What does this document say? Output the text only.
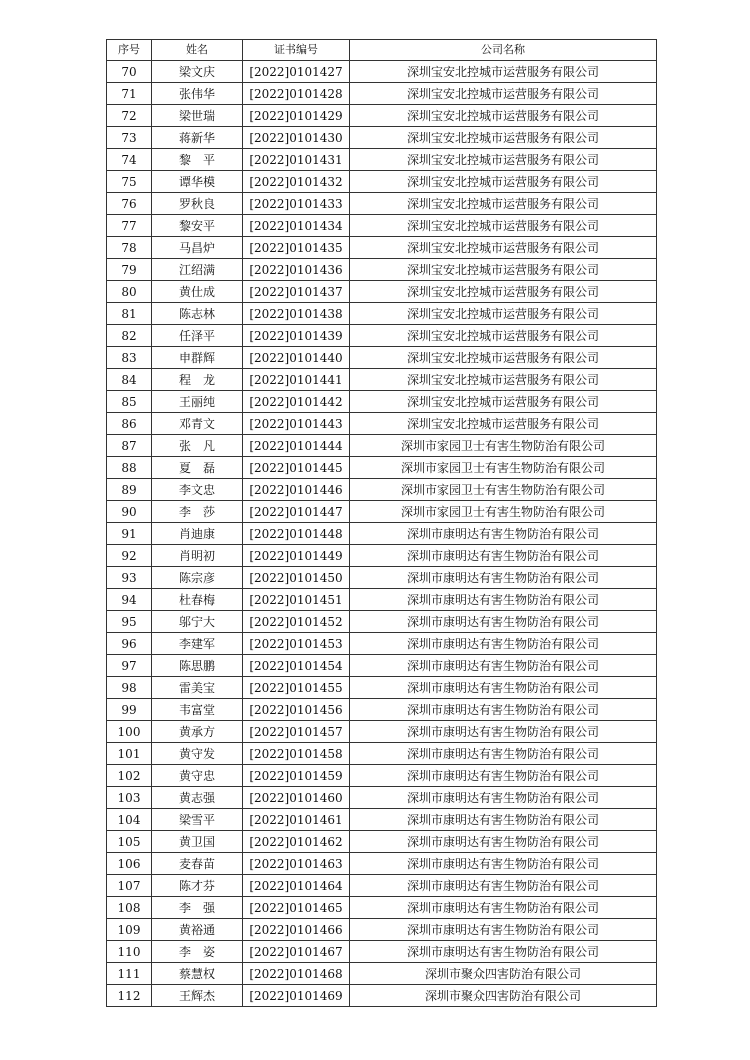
序号	姓名	证书编号	公司名称
70	梁文庆	[2022]0101427	深圳宝安北控城市运营服务有限公司
71	张伟华	[2022]0101428	深圳宝安北控城市运营服务有限公司
72	梁世瑞	[2022]0101429	深圳宝安北控城市运营服务有限公司
73	蒋新华	[2022]0101430	深圳宝安北控城市运营服务有限公司
74	黎　平	[2022]0101431	深圳宝安北控城市运营服务有限公司
75	谭华模	[2022]0101432	深圳宝安北控城市运营服务有限公司
76	罗秋良	[2022]0101433	深圳宝安北控城市运营服务有限公司
77	黎安平	[2022]0101434	深圳宝安北控城市运营服务有限公司
78	马昌炉	[2022]0101435	深圳宝安北控城市运营服务有限公司
79	江绍满	[2022]0101436	深圳宝安北控城市运营服务有限公司
80	黄仕成	[2022]0101437	深圳宝安北控城市运营服务有限公司
81	陈志林	[2022]0101438	深圳宝安北控城市运营服务有限公司
82	任泽平	[2022]0101439	深圳宝安北控城市运营服务有限公司
83	申群辉	[2022]0101440	深圳宝安北控城市运营服务有限公司
84	程　龙	[2022]0101441	深圳宝安北控城市运营服务有限公司
85	王丽纯	[2022]0101442	深圳宝安北控城市运营服务有限公司
86	邓青文	[2022]0101443	深圳宝安北控城市运营服务有限公司
87	张　凡	[2022]0101444	深圳市家园卫士有害生物防治有限公司
88	夏　磊	[2022]0101445	深圳市家园卫士有害生物防治有限公司
89	李文忠	[2022]0101446	深圳市家园卫士有害生物防治有限公司
90	李　莎	[2022]0101447	深圳市家园卫士有害生物防治有限公司
91	肖迪康	[2022]0101448	深圳市康明达有害生物防治有限公司
92	肖明初	[2022]0101449	深圳市康明达有害生物防治有限公司
93	陈宗彦	[2022]0101450	深圳市康明达有害生物防治有限公司
94	杜春梅	[2022]0101451	深圳市康明达有害生物防治有限公司
95	邬宁大	[2022]0101452	深圳市康明达有害生物防治有限公司
96	李建军	[2022]0101453	深圳市康明达有害生物防治有限公司
97	陈思鹏	[2022]0101454	深圳市康明达有害生物防治有限公司
98	雷美宝	[2022]0101455	深圳市康明达有害生物防治有限公司
99	韦富堂	[2022]0101456	深圳市康明达有害生物防治有限公司
100	黄承方	[2022]0101457	深圳市康明达有害生物防治有限公司
101	黄守发	[2022]0101458	深圳市康明达有害生物防治有限公司
102	黄守忠	[2022]0101459	深圳市康明达有害生物防治有限公司
103	黄志强	[2022]0101460	深圳市康明达有害生物防治有限公司
104	梁雪平	[2022]0101461	深圳市康明达有害生物防治有限公司
105	黄卫国	[2022]0101462	深圳市康明达有害生物防治有限公司
106	麦春苗	[2022]0101463	深圳市康明达有害生物防治有限公司
107	陈才芬	[2022]0101464	深圳市康明达有害生物防治有限公司
108	李　强	[2022]0101465	深圳市康明达有害生物防治有限公司
109	黄裕通	[2022]0101466	深圳市康明达有害生物防治有限公司
110	李　姿	[2022]0101467	深圳市康明达有害生物防治有限公司
111	蔡慧权	[2022]0101468	深圳市聚众四害防治有限公司
112	王辉杰	[2022]0101469	深圳市聚众四害防治有限公司
